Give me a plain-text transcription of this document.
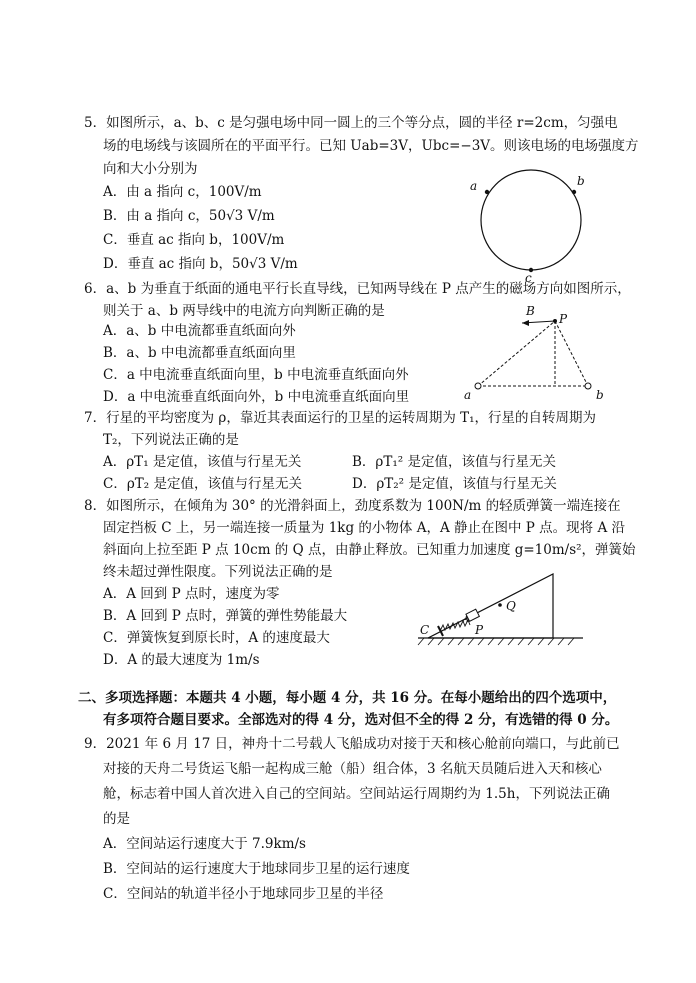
5．如图所示，a、b、c 是匀强电场中同一圆上的三个等分点，圆的半径 r=2cm，匀强电
场的电场线与该圆所在的平面平行。已知 Uab=3V，Ubc=−3V。则该电场的电场强度方
向和大小分别为
A．由 a 指向 c，100V/m
B．由 a 指向 c，50√3 V/m
C．垂直 ac 指向 b，100V/m
D．垂直 ac 指向 b，50√3 V/m
a	b
c
6．a、b 为垂直于纸面的通电平行长直导线，已知两导线在 P 点产生的磁场方向如图所示，
则关于 a、b 两导线中的电流方向判断正确的是
A．a、b 中电流都垂直纸面向外
B．a、b 中电流都垂直纸面向里
C．a 中电流垂直纸面向里，b 中电流垂直纸面向外
D．a 中电流垂直纸面向外，b 中电流垂直纸面向里
B
P
a	b
7．行星的平均密度为 ρ，靠近其表面运行的卫星的运转周期为 T₁，行星的自转周期为
T₂，下列说法正确的是
A．ρT₁ 是定值，该值与行星无关	B．ρT₁² 是定值，该值与行星无关
C．ρT₂ 是定值，该值与行星无关	D．ρT₂² 是定值，该值与行星无关
8．如图所示，在倾角为 30° 的光滑斜面上，劲度系数为 100N/m 的轻质弹簧一端连接在
固定挡板 C 上，另一端连接一质量为 1kg 的小物体 A，A 静止在图中 P 点。现将 A 沿
斜面向上拉至距 P 点 10cm 的 Q 点，由静止释放。已知重力加速度 g=10m/s²，弹簧始
终未超过弹性限度。下列说法正确的是
A．A 回到 P 点时，速度为零
B．A 回到 P 点时，弹簧的弹性势能最大
C．弹簧恢复到原长时，A 的速度最大
D．A 的最大速度为 1m/s
C
A
P
Q
二、多项选择题：本题共 4 小题，每小题 4 分，共 16 分。在每小题给出的四个选项中，
有多项符合题目要求。全部选对的得 4 分，选对但不全的得 2 分，有选错的得 0 分。
9．2021 年 6 月 17 日，神舟十二号载人飞船成功对接于天和核心舱前向端口，与此前已
对接的天舟二号货运飞船一起构成三舱（船）组合体，3 名航天员随后进入天和核心
舱，标志着中国人首次进入自己的空间站。空间站运行周期约为 1.5h，下列说法正确
的是
A．空间站运行速度大于 7.9km/s
B．空间站的运行速度大于地球同步卫星的运行速度
C．空间站的轨道半径小于地球同步卫星的半径
